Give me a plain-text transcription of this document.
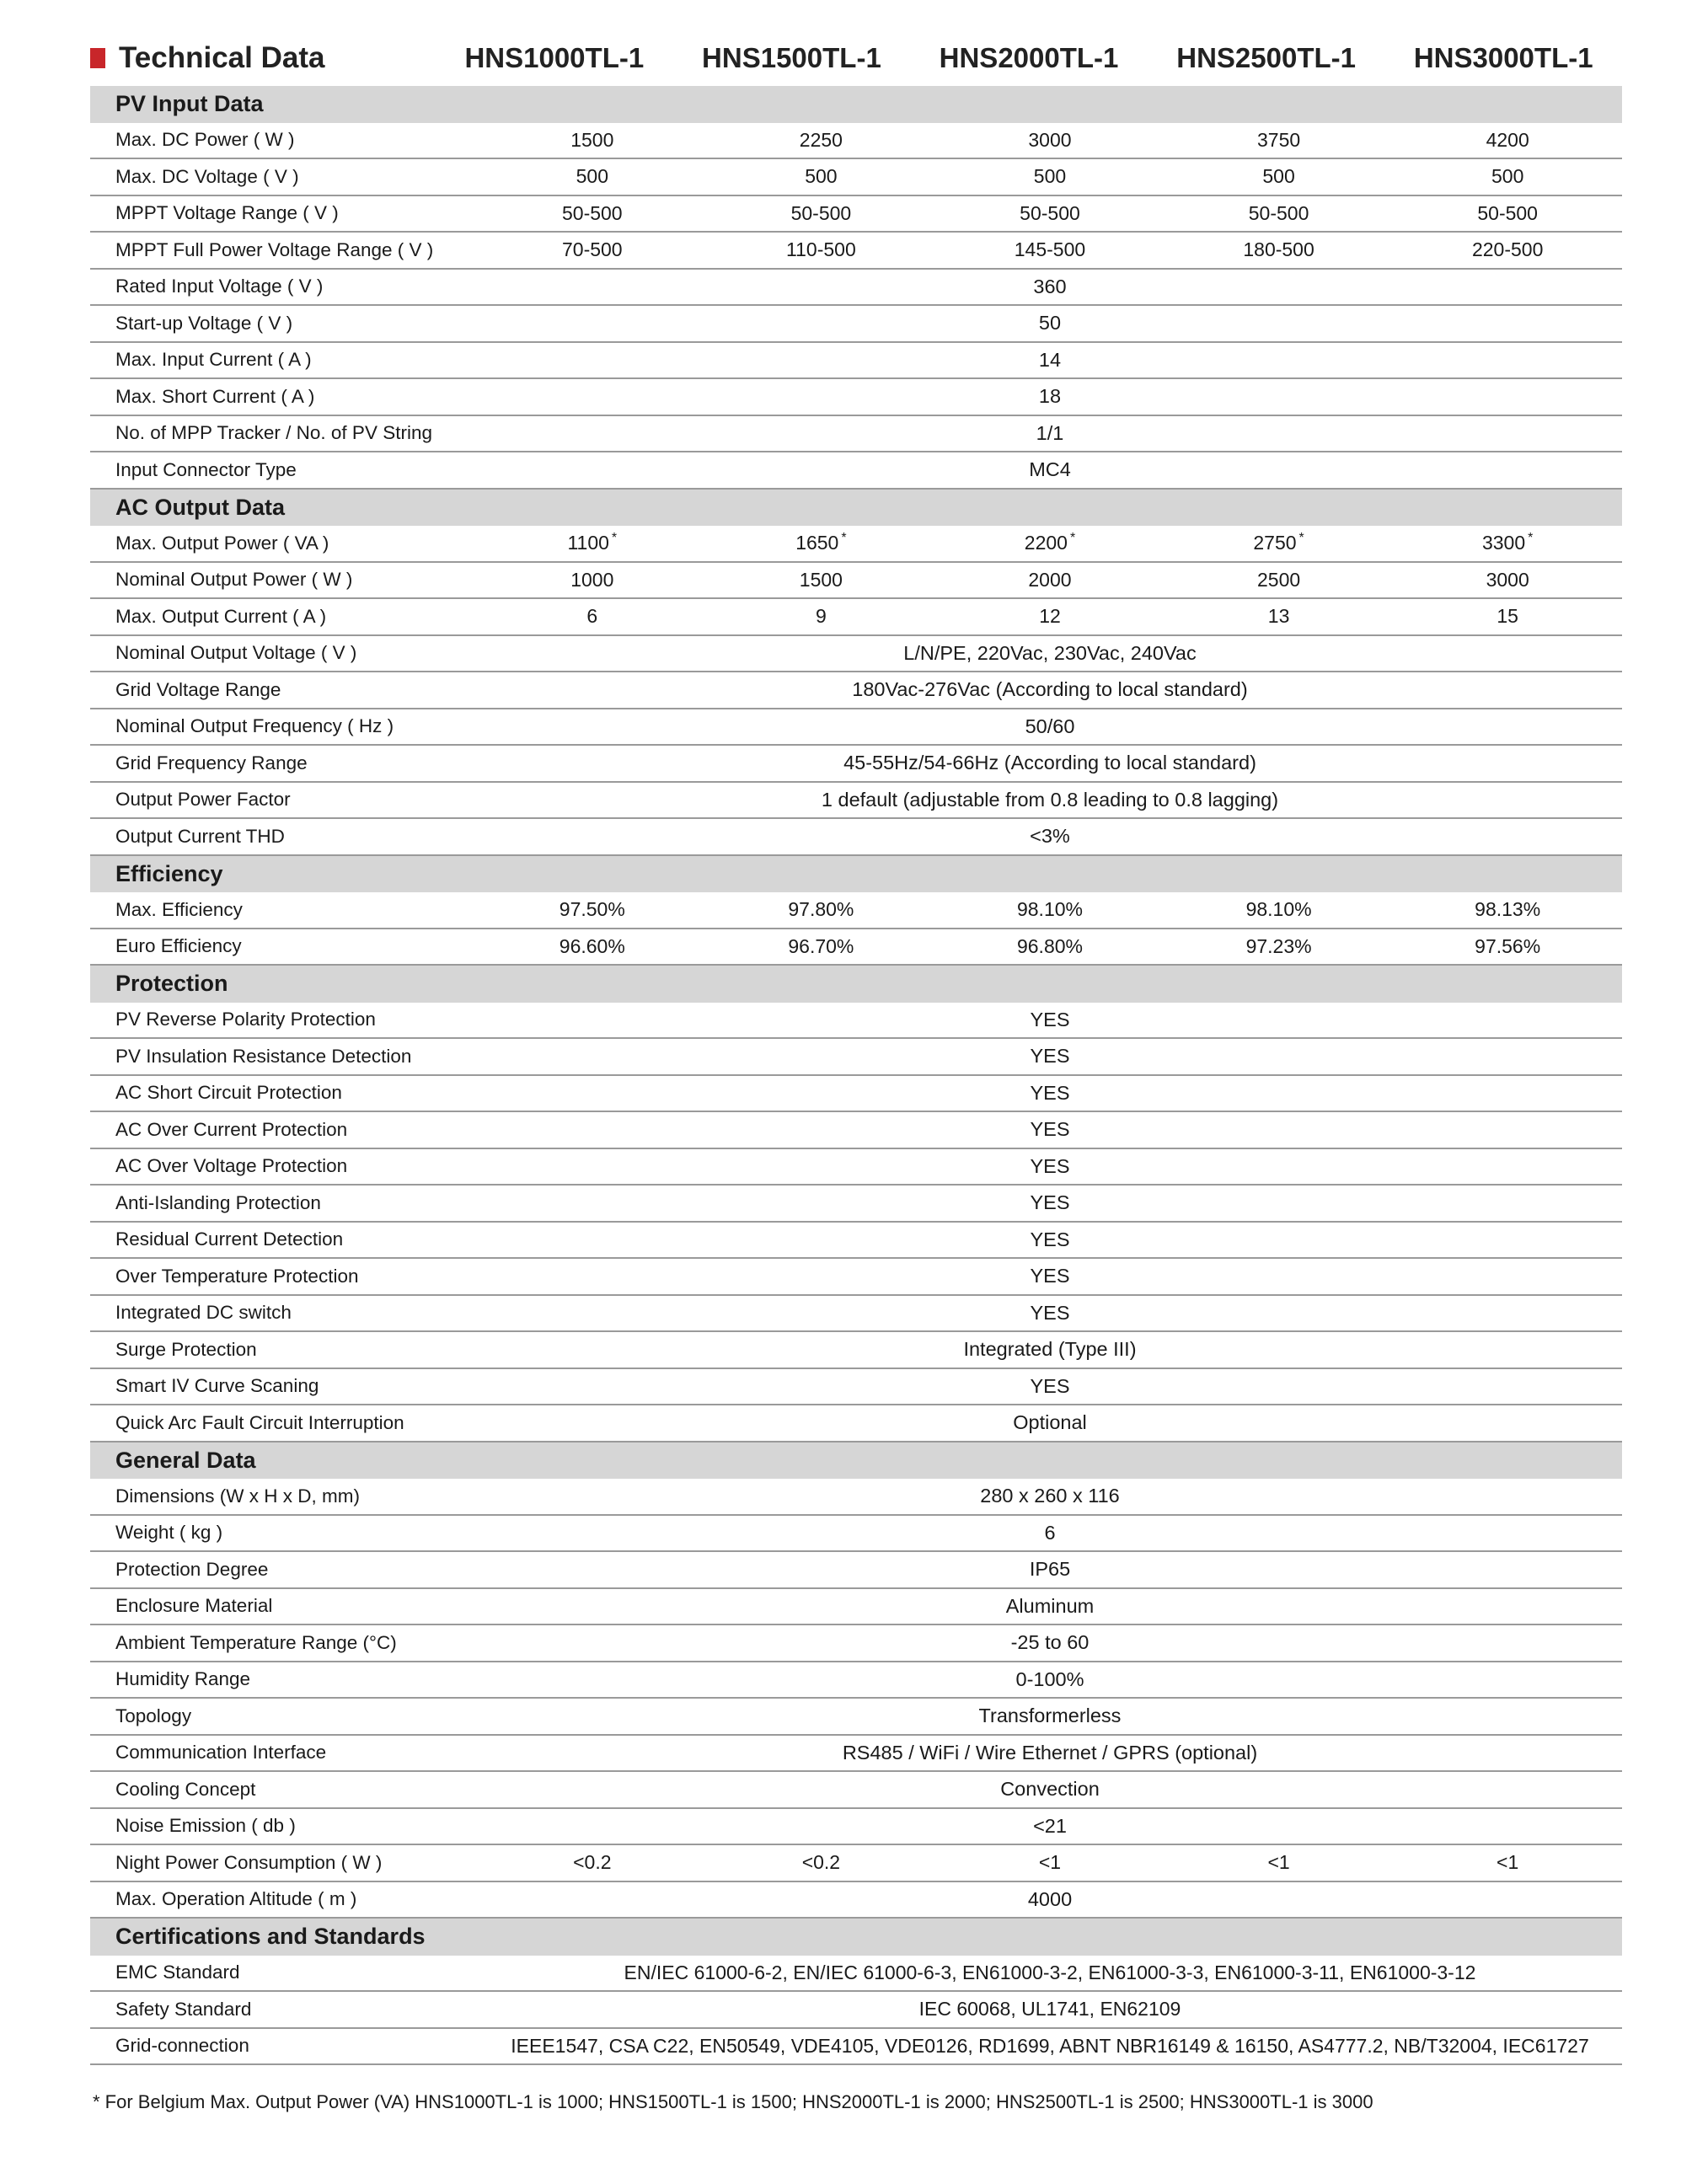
Technical Data	HNS1000TL-1	HNS1500TL-1	HNS2000TL-1	HNS2500TL-1	HNS3000TL-1
PV Input Data
Max. DC Power ( W )	1500	2250	3000	3750	4200
Max. DC Voltage ( V )	500	500	500	500	500
MPPT Voltage Range ( V )	50-500	50-500	50-500	50-500	50-500
MPPT Full Power Voltage Range ( V )	70-500	110-500	145-500	180-500	220-500
Rated Input Voltage ( V )	360
Start-up Voltage ( V )	50
Max. Input Current ( A )	14
Max. Short Current ( A )	18
No. of MPP Tracker / No. of PV String	1/1
Input Connector Type	MC4
AC Output Data
Max. Output Power ( VA )	1100 *	1650 *	2200 *	2750 *	3300 *
Nominal Output Power ( W )	1000	1500	2000	2500	3000
Max. Output Current ( A )	6	9	12	13	15
Nominal Output Voltage ( V )	L/N/PE, 220Vac, 230Vac, 240Vac
Grid Voltage Range	180Vac-276Vac (According to local standard)
Nominal Output Frequency ( Hz )	50/60
Grid Frequency Range	45-55Hz/54-66Hz (According to local standard)
Output Power Factor	1 default (adjustable from 0.8 leading to 0.8 lagging)
Output Current THD	<3%
Efficiency
Max. Efficiency	97.50%	97.80%	98.10%	98.10%	98.13%
Euro Efficiency	96.60%	96.70%	96.80%	97.23%	97.56%
Protection
PV Reverse Polarity Protection	YES
PV Insulation Resistance Detection	YES
AC Short Circuit Protection	YES
AC Over Current Protection	YES
AC Over Voltage Protection	YES
Anti-Islanding Protection	YES
Residual Current Detection	YES
Over Temperature Protection	YES
Integrated DC switch	YES
Surge Protection	Integrated (Type III)
Smart IV Curve Scaning	YES
Quick Arc Fault Circuit Interruption	Optional
General Data
Dimensions (W x H x D, mm)	280 x 260 x 116
Weight ( kg )	6
Protection Degree	IP65
Enclosure Material	Aluminum
Ambient Temperature Range (°C)	-25 to 60
Humidity Range	0-100%
Topology	Transformerless
Communication Interface	RS485 / WiFi / Wire Ethernet / GPRS (optional)
Cooling Concept	Convection
Noise Emission ( db )	<21
Night Power Consumption ( W )	<0.2	<0.2	<1	<1	<1
Max. Operation Altitude ( m )	4000
Certifications and Standards
EMC Standard	EN/IEC 61000-6-2, EN/IEC 61000-6-3, EN61000-3-2, EN61000-3-3, EN61000-3-11, EN61000-3-12
Safety Standard	IEC 60068, UL1741, EN62109
Grid-connection	IEEE1547, CSA C22, EN50549, VDE4105, VDE0126, RD1699, ABNT NBR16149 & 16150, AS4777.2, NB/T32004, IEC61727
* For Belgium Max. Output Power (VA) HNS1000TL-1 is 1000; HNS1500TL-1 is 1500; HNS2000TL-1 is 2000; HNS2500TL-1 is 2500; HNS3000TL-1 is 3000
